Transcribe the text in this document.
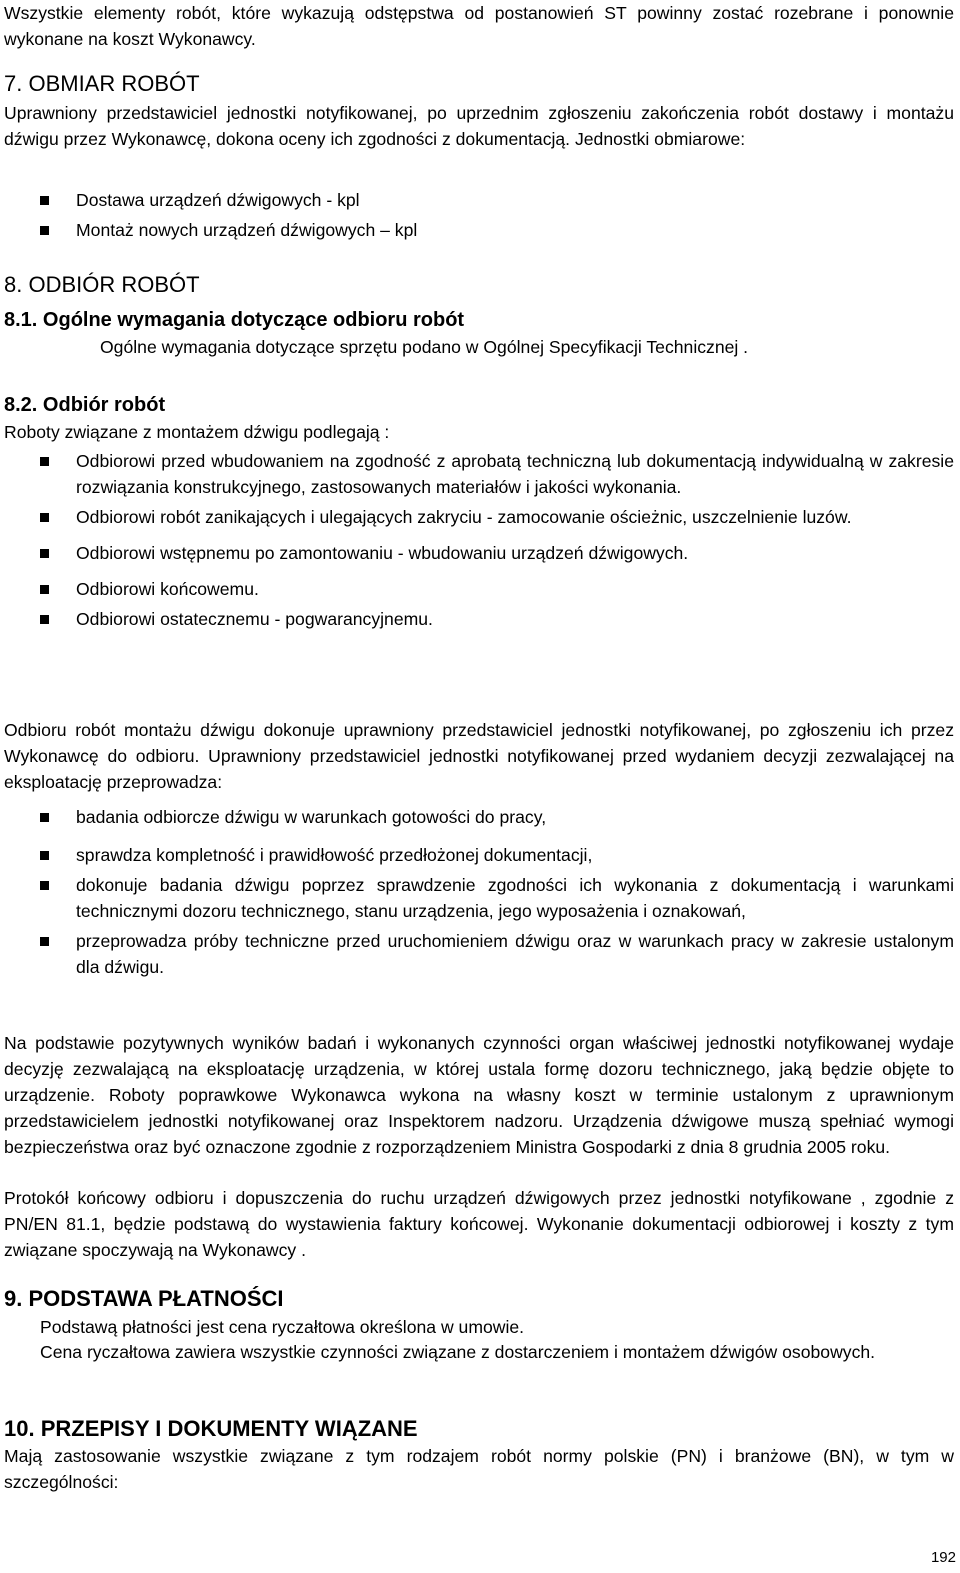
Wszystkie elementy robót, które wykazują odstępstwa od postanowień ST powinny zostać rozebrane i ponownie wykonane na koszt Wykonawcy.
7. OBMIAR ROBÓT
Uprawniony przedstawiciel jednostki notyfikowanej, po uprzednim zgłoszeniu zakończenia robót dostawy i montażu dźwigu przez Wykonawcę, dokona oceny ich zgodności z dokumentacją. Jednostki obmiarowe:
Dostawa urządzeń dźwigowych - kpl
Montaż nowych urządzeń dźwigowych – kpl
8. ODBIÓR ROBÓT
8.1. Ogólne wymagania dotyczące odbioru robót
Ogólne wymagania dotyczące sprzętu podano w Ogólnej Specyfikacji Technicznej .
8.2. Odbiór robót
Roboty związane z montażem dźwigu podlegają :
Odbiorowi przed wbudowaniem na zgodność z aprobatą techniczną lub dokumentacją indywidualną w zakresie rozwiązania konstrukcyjnego, zastosowanych materiałów i jakości wykonania.
Odbiorowi robót zanikających i ulegających zakryciu - zamocowanie ościeżnic, uszczelnienie luzów.
Odbiorowi wstępnemu po zamontowaniu - wbudowaniu urządzeń dźwigowych.
Odbiorowi końcowemu.
Odbiorowi ostatecznemu - pogwarancyjnemu.
Odbioru robót montażu dźwigu dokonuje uprawniony przedstawiciel jednostki notyfikowanej, po zgłoszeniu ich przez Wykonawcę do odbioru. Uprawniony przedstawiciel jednostki notyfikowanej przed wydaniem decyzji zezwalającej na eksploatację przeprowadza:
badania odbiorcze dźwigu w warunkach gotowości do pracy,
sprawdza kompletność i prawidłowość przedłożonej dokumentacji,
dokonuje badania dźwigu poprzez sprawdzenie zgodności ich wykonania z dokumentacją i warunkami technicznymi dozoru technicznego, stanu urządzenia, jego wyposażenia i oznakowań,
przeprowadza próby techniczne przed uruchomieniem dźwigu oraz w warunkach pracy w zakresie ustalonym dla dźwigu.
Na podstawie pozytywnych wyników badań i wykonanych czynności organ właściwej jednostki notyfikowanej wydaje decyzję zezwalającą na eksploatację urządzenia, w której ustala formę dozoru technicznego, jaką będzie objęte to urządzenie. Roboty poprawkowe Wykonawca wykona na własny koszt w terminie ustalonym z uprawnionym przedstawicielem jednostki notyfikowanej oraz Inspektorem nadzoru. Urządzenia dźwigowe muszą spełniać wymogi bezpieczeństwa oraz być oznaczone zgodnie z rozporządzeniem Ministra Gospodarki z dnia 8 grudnia 2005 roku.
Protokół końcowy odbioru i dopuszczenia do ruchu urządzeń dźwigowych przez jednostki notyfikowane , zgodnie z PN/EN 81.1, będzie podstawą do wystawienia faktury końcowej. Wykonanie dokumentacji odbiorowej i koszty z tym związane spoczywają na Wykonawcy .
9. PODSTAWA PŁATNOŚCI
Podstawą płatności jest cena ryczałtowa określona w umowie.
Cena ryczałtowa zawiera wszystkie czynności związane z dostarczeniem i montażem dźwigów osobowych.
10. PRZEPISY I DOKUMENTY WIĄZANE
Mają zastosowanie wszystkie związane z tym rodzajem robót normy polskie (PN) i branżowe (BN), w tym w szczególności:
192
